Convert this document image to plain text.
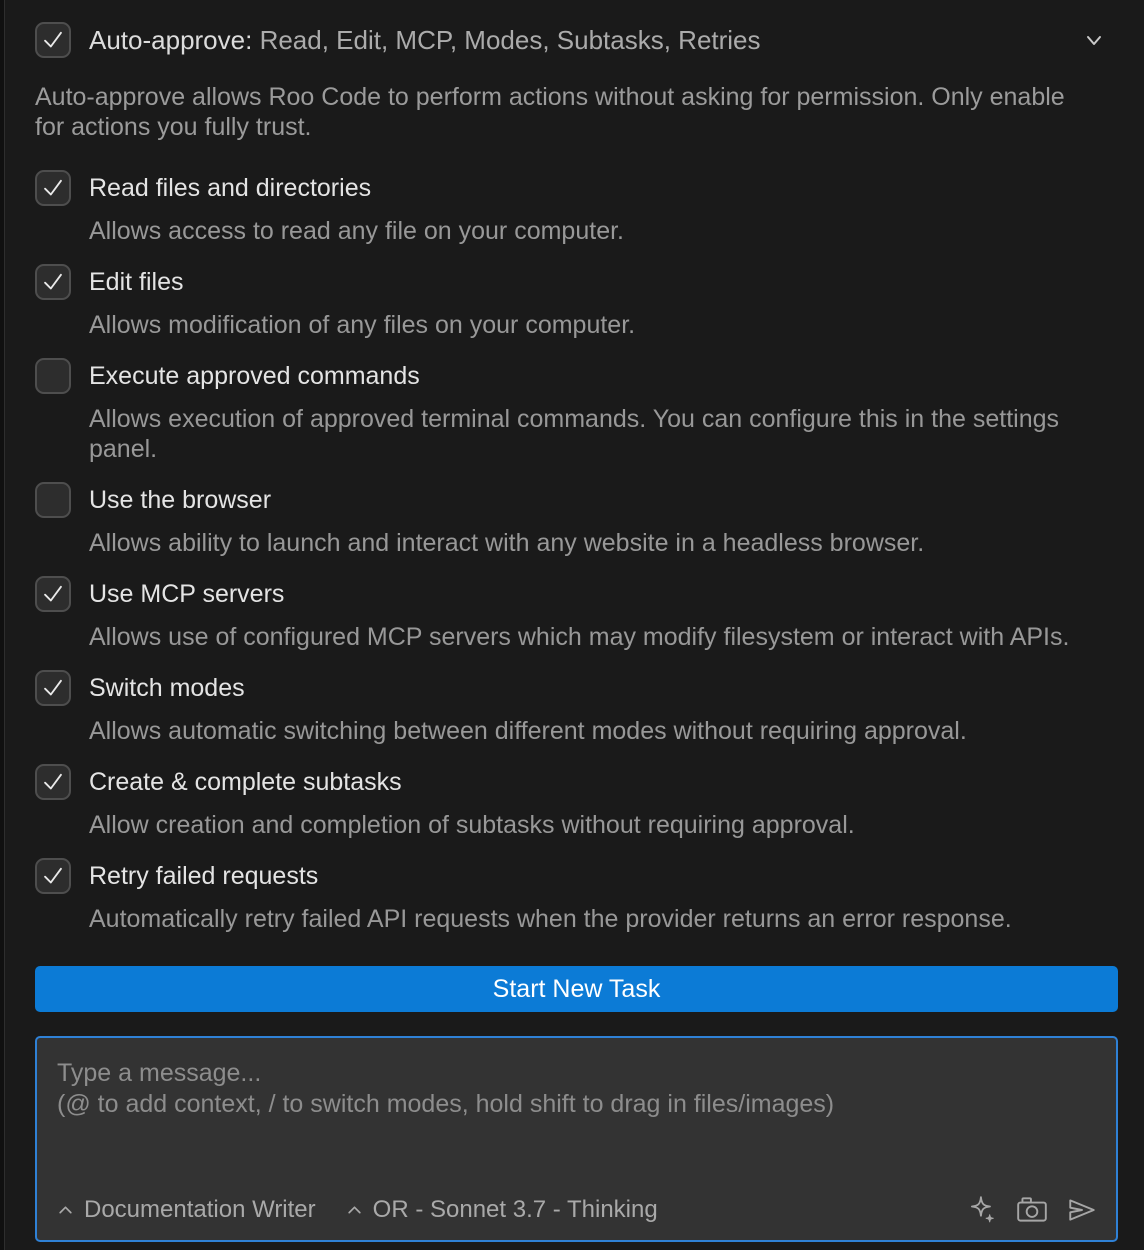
Auto-approve: Read, Edit, MCP, Modes, Subtasks, Retries

Auto-approve allows Roo Code to perform actions without asking for permission. Only enable for actions you fully trust.

Read files and directories
Allows access to read any file on your computer.
Edit files
Allows modification of any files on your computer.
Execute approved commands
Allows execution of approved terminal commands. You can configure this in the settings panel.
Use the browser
Allows ability to launch and interact with any website in a headless browser.
Use MCP servers
Allows use of configured MCP servers which may modify filesystem or interact with APIs.
Switch modes
Allows automatic switching between different modes without requiring approval.
Create & complete subtasks
Allow creation and completion of subtasks without requiring approval.
Retry failed requests
Automatically retry failed API requests when the provider returns an error response.
Start New Task
Type a message...
(@ to add context, / to switch modes, hold shift to drag in files/images)
Documentation Writer OR - Sonnet 3.7 - Thinking
